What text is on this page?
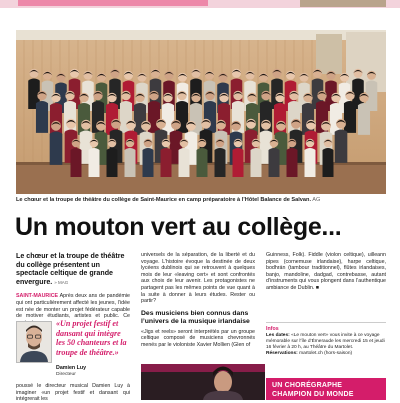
Le chœur et la troupe de théâtre du collège de Saint-Maurice en camp préparatoire à l’Hôtel Balance de Salvan. AG
Un mouton vert au collège...

Le chœur et la troupe de théâtre du collège présentent un spectacle celtique de grande envergure. » MAG

SAINT-MAURICE Après deux ans de pandémie qui ont particulièrement affecté les jeunes, l’idée est née de monter un projet fédérateur capable de motiver étudiants, artistes et public. Ce

«Un projet festif et dansant qui intègre les 50 chanteurs et la troupe de théâtre.»
Damien Luy
Directeur
poussé le directeur musical Damien Luy à imaginer «un projet festif et dansant qui intégrerait les

universels de la séparation, de la liberté et du voyage. L’histoire évoque la destinée de deux lycéens dublinois qui se retrouvent à quelques mois de leur «leaving cert» et sont confrontés aux choix de leur avenir. Les protagonistes ne partagent pas les mêmes points de vue quant à la suite à donner à leurs études. Rester ou partir?

Des musiciens bien connus dans l’univers de la musique irlandaise

«Jigs et reels» seront interprétés par un groupe celtique composé de musiciens chevronnés menés par le violoniste Xavier Mollien (Glen of

Guinness, Folk). Fiddle (violon celtique), uilleann pipes (cornemuse irlandaise), harpe celtique, bodhrán (tambour traditionnel), flûtes irlandaises, banjo, mandoline, dadgad, contrebasse, autant d’instruments qui vous plongent dans l’authentique ambiance de Dublin. ■

Infos
Les dates: «Le mouton vert» vous invite à ce voyage mémorable sur l’île d’Émeraude les mercredi 15 et jeudi 16 février à 20 h, au Théâtre du Martolet.
Réservations: martolet.ch (hors-saison)
UN CHORÉGRAPHE
CHAMPION DU MONDE
